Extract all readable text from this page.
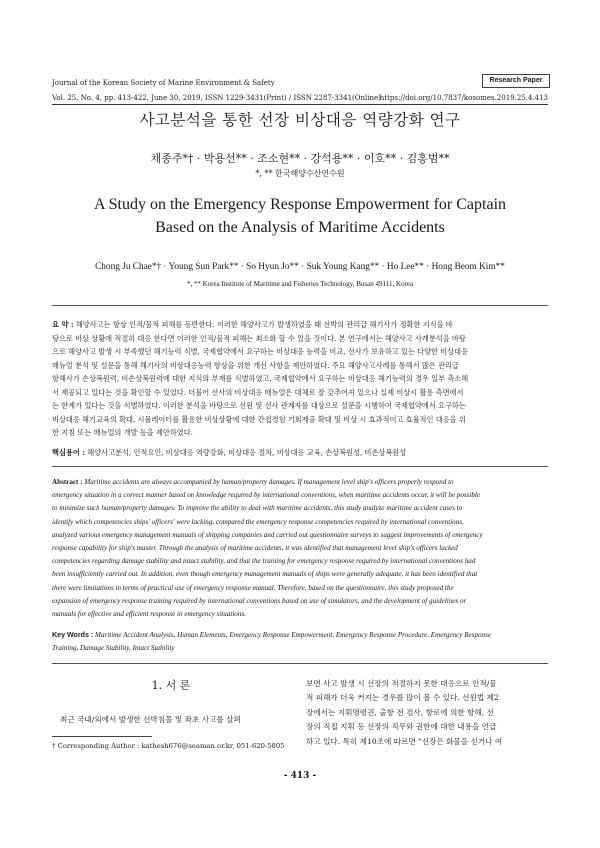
Journal of the Korean Society of Marine Environment & Safety	Research Paper
Vol. 25, No. 4, pp. 413-422, June 30, 2019, ISSN 1229-3431(Print) / ISSN 2287-3341(Online)
https://doi.org/10.7837/kosomes.2019.25.4.413
사고분석을 통한 선장 비상대응 역량강화 연구
채종주*† · 박용선** · 조소현** · 강석용** · 이호** · 김홍범**
*, ** 한국해양수산연수원
A Study on the Emergency Response Empowerment for Captain
Based on the Analysis of Maritime Accidents
Chong Ju Chae*† · Young Sun Park** · So Hyun Jo** · Suk Young Kang** · Ho Lee** · Hong Beom Kim**
*, ** Korea Institute of Maritime and Fisheries Technology, Busan 49111, Korea
요 약 : 해양사고는 항상 인적/물적 피해를 동반한다. 이러한 해양사고가 발생하였을 때 선박의 관리급 해기사가 정확한 지식을 바
탕으로 비상 상황에 적절히 대응 한다면 이러한 인적/물적 피해는 최소화 할 수 있을 것이다. 본 연구에서는 해양사고 사례분석을 바탕
으로 해양사고 발생 시 부족했던 해기능력 식별, 국제협약에서 요구하는 비상대응 능력을 비교, 선사가 보유하고 있는 다양한 비상대응
매뉴얼 분석 및 설문을 통해 해기사의 비상대응능력 향상을 위한 개선 사항을 제안하였다. 주요 해양사고사례를 통해서 많은 관리급
항해사가 손상복원력, 비손상복원력에 대한 지식의 부재를 식별하였고, 국제협약에서 요구하는 비상대응 해기능력의 경우 일부 측소해
서 제공되고 있다는 것을 확인할 수 있었다. 더불어 선사의 비상대응 매뉴얼은 대체로 잘 갖추어져 있으나 실제 비상시 활용 측면에서
는 한계가 있다는 것을 식별하였다. 이러한 분석을 바탕으로 선원 및 선사 관계자를 대상으로 설문을 시행하여 국제협약에서 요구하는
비상대응 해기교육의 확대, 시뮬레이터를 활용한 비상상황에 대한 간접경험 기회제공 확대 및 비상 시 효과적이고 효율적인 대응을 위
한 지침 또는 매뉴얼의 개발 등을 제안하였다.
핵심용어 : 해양사고분석, 인적요인, 비상대응 역량강화, 비상대응 절차, 비상대응 교육, 손상복원성, 비손상복원성
Abstract : Maritime accidents are always accompanied by human/property damages. If management level ship's officers properly respond to
emergency situation in a correct manner based on knowledge required by international conventions, when maritime accidents occur, it will be possible
to minimize such human/property damages. To improve the ability to deal with maritime accidents, this study analyze maritime accident cases to
identify which competencies ships' officers' were lacking, compared the emergency response competencies required by international conventions,
analyzed various emergency management manuals of shipping companies and carried out questionnaire surveys to suggest improvements of emergency
response capability for ship's master. Through the analysis of maritime accidents, it was identified that management level ship's officers lacked
competencies regarding damage stability and intact stability, and that the training for emergency response required by international conventions had
been insufficiently carried out. In addition, even though emergency management manuals of ships were generally adequate, it has been identified that
there were limitations in terms of practical use of emergency response manual. Therefore, based on the questionnaire, this study proposed the
expansion of emergency response training required by international conventions based on use of simulators, and the development of guidelines or
manuals for effective and efficient response in emergency situations.
Key Words : Maritime Accident Analysis, Human Elements, Emergency Response Empowerment, Emergency Response Procedure, Emergency Response
Training, Damage Stability, Intact Stability
1. 서 론
최근 국내/외에서 발생한 선박침몰 및 좌초 사고를 살펴
† Corresponding Author : kathesh676@seaman.or.kr, 051-620-5805
보면 사고 발생 시 선장의 적절하지 못한 대응으로 인적/물
적 피해가 더욱 커지는 경우를 많이 볼 수 있다. 선원법 제2
장에서는 지휘명령권, 출항 전 검사, 항로에 의한 항해, 선
장의 직접 지휘 등 선장의 직무와 권한에 대한 내용을 언급
하고 있다. 특히 제10조에 따르면 "선장은 화물을 싣거나 여
- 413 -
